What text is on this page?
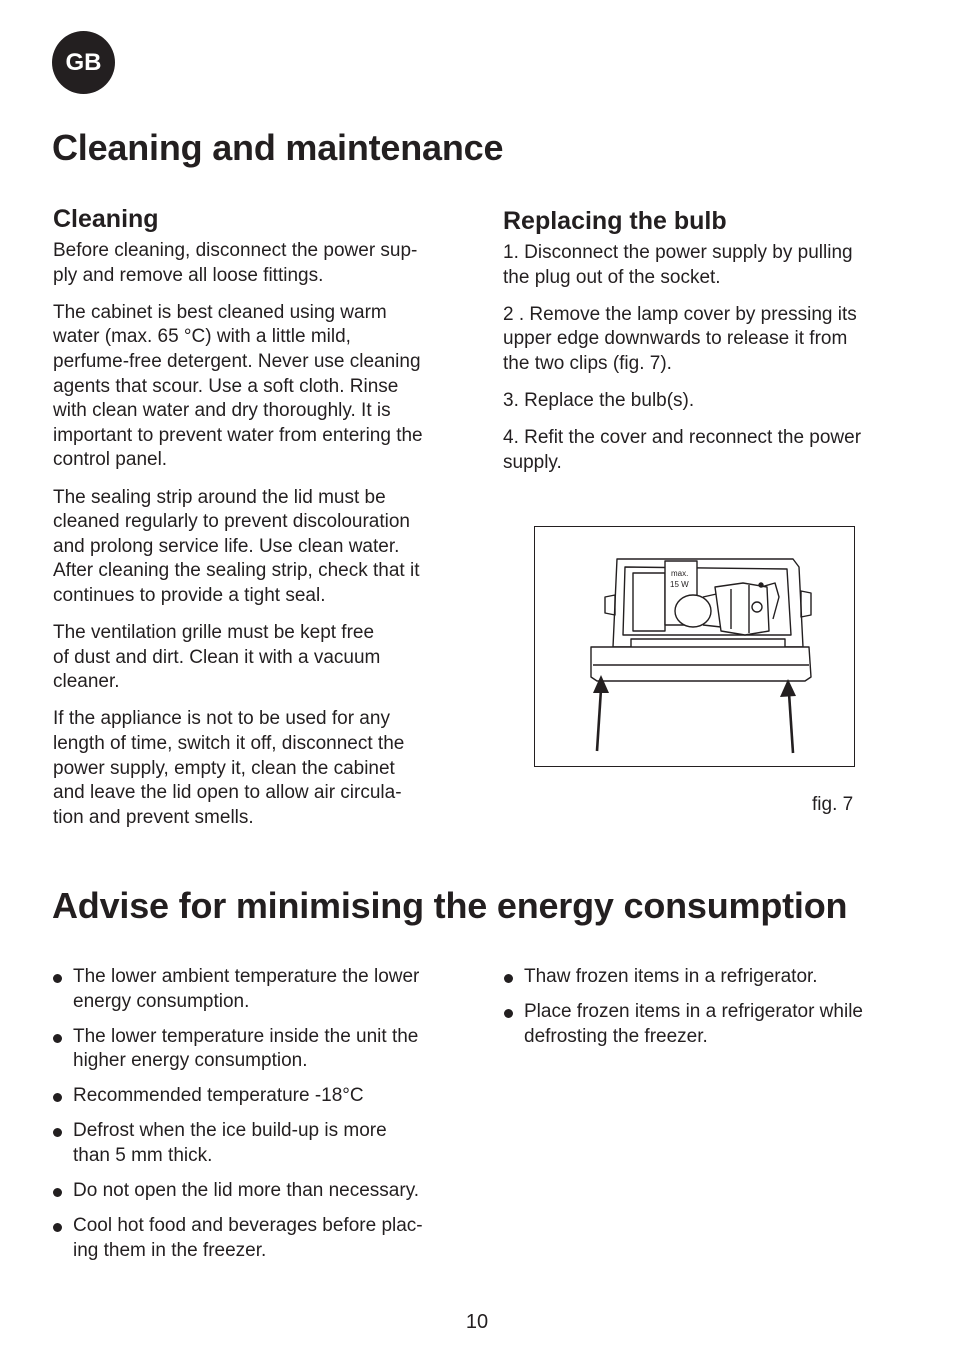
GB
Cleaning and maintenance
Cleaning

Before cleaning, disconnect the power sup-
ply and remove all loose fittings.

The cabinet is best cleaned using warm
water (max. 65 °C) with a little mild,
perfume-free detergent. Never use cleaning
agents that scour. Use a soft cloth. Rinse
with clean water and dry thoroughly. It is
important to prevent water from entering the
control panel.

The sealing strip around the lid must be
cleaned regularly to prevent discolouration
and prolong service life. Use clean water.
After cleaning the sealing strip, check that it
continues to provide a tight seal.

The ventilation grille must be kept free
of dust and dirt. Clean it with a vacuum
cleaner.

If the appliance is not to be used for any
length of time, switch it off, disconnect the
power supply, empty it, clean the cabinet
and leave the lid open to allow air circula-
tion and prevent smells.

Replacing the bulb

1. Disconnect the power supply by pulling
the plug out of the socket.

2 . Remove the lamp cover by pressing its
upper edge downwards to release it from
the two clips (fig. 7).

3. Replace the bulb(s).

4. Refit the cover and reconnect the power
supply.

max.
15 W
fig. 7
Advise for minimising the energy consumption
The lower ambient temperature the lower
energy consumption.
The lower temperature inside the unit the
higher energy consumption.
Recommended temperature -18°C
Defrost when the ice build-up is more
than 5 mm thick.
Do not open the lid more than necessary.
Cool hot food and beverages before plac-
ing them in the freezer.
Thaw frozen items in a refrigerator.
Place frozen items in a refrigerator while
defrosting the freezer.
10
